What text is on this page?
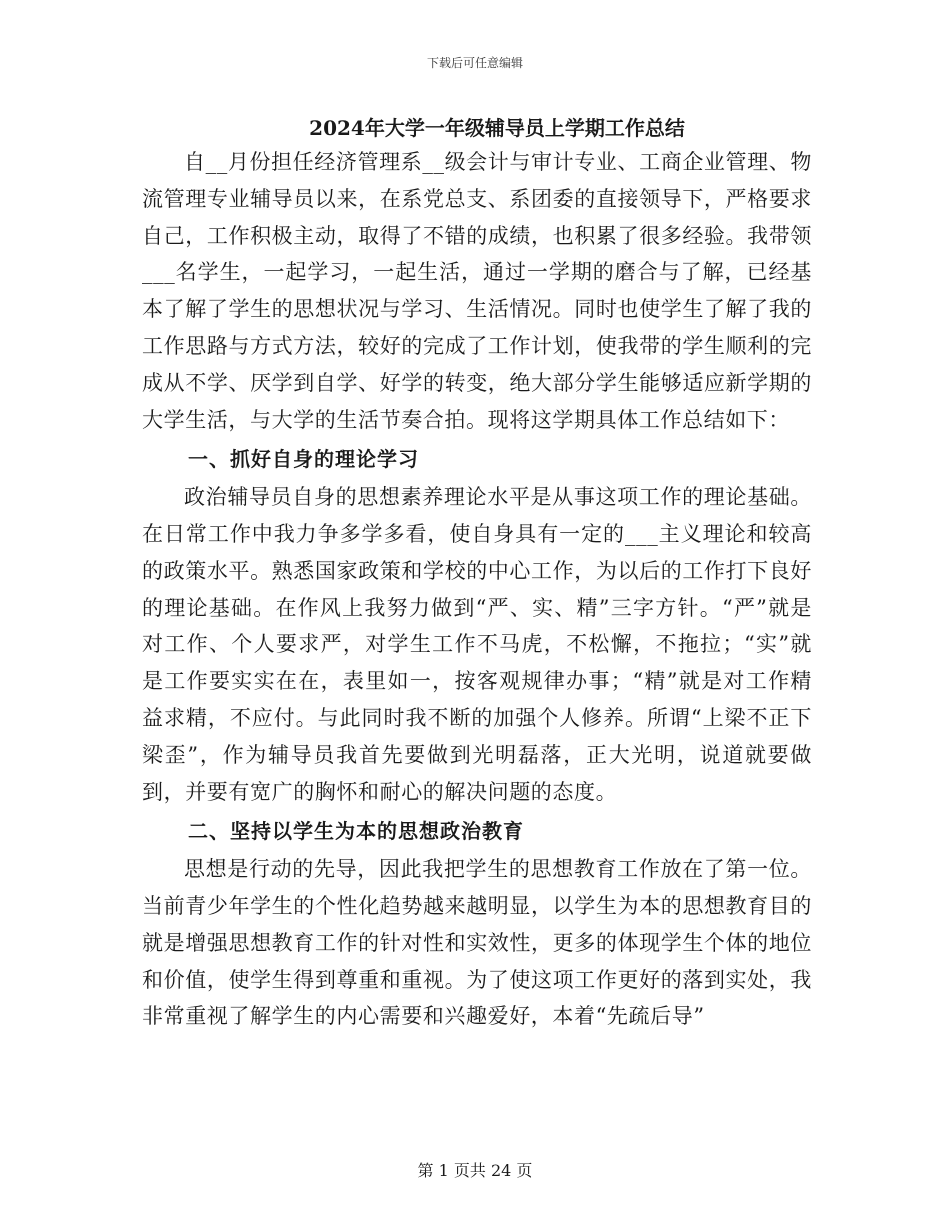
下载后可任意编辑
2024年大学一年级辅导员上学期工作总结

自__月份担任经济管理系__级会计与审计专业、工商企业管理、物流管理专业辅导员以来，在系党总支、系团委的直接领导下，严格要求自己，工作积极主动，取得了不错的成绩，也积累了很多经验。我带领___名学生，一起学习，一起生活，通过一学期的磨合与了解，已经基本了解了学生的思想状况与学习、生活情况。同时也使学生了解了我的工作思路与方式方法，较好的完成了工作计划，使我带的学生顺利的完成从不学、厌学到自学、好学的转变，绝大部分学生能够适应新学期的大学生活，与大学的生活节奏合拍。现将这学期具体工作总结如下：

一、抓好自身的理论学习

政治辅导员自身的思想素养理论水平是从事这项工作的理论基础。在日常工作中我力争多学多看，使自身具有一定的___主义理论和较高的政策水平。熟悉国家政策和学校的中心工作，为以后的工作打下良好的理论基础。在作风上我努力做到“严、实、精”三字方针。“严”就是对工作、个人要求严，对学生工作不马虎，不松懈，不拖拉；“实”就是工作要实实在在，表里如一，按客观规律办事；“精”就是对工作精益求精，不应付。与此同时我不断的加强个人修养。所谓“上梁不正下梁歪”，作为辅导员我首先要做到光明磊落，正大光明，说道就要做到，并要有宽广的胸怀和耐心的解决问题的态度。

二、坚持以学生为本的思想政治教育

思想是行动的先导，因此我把学生的思想教育工作放在了第一位。当前青少年学生的个性化趋势越来越明显，以学生为本的思想教育目的就是增强思想教育工作的针对性和实效性，更多的体现学生个体的地位和价值，使学生得到尊重和重视。为了使这项工作更好的落到实处，我非常重视了解学生的内心需要和兴趣爱好，本着“先疏后导”

第 1 页共 24 页
